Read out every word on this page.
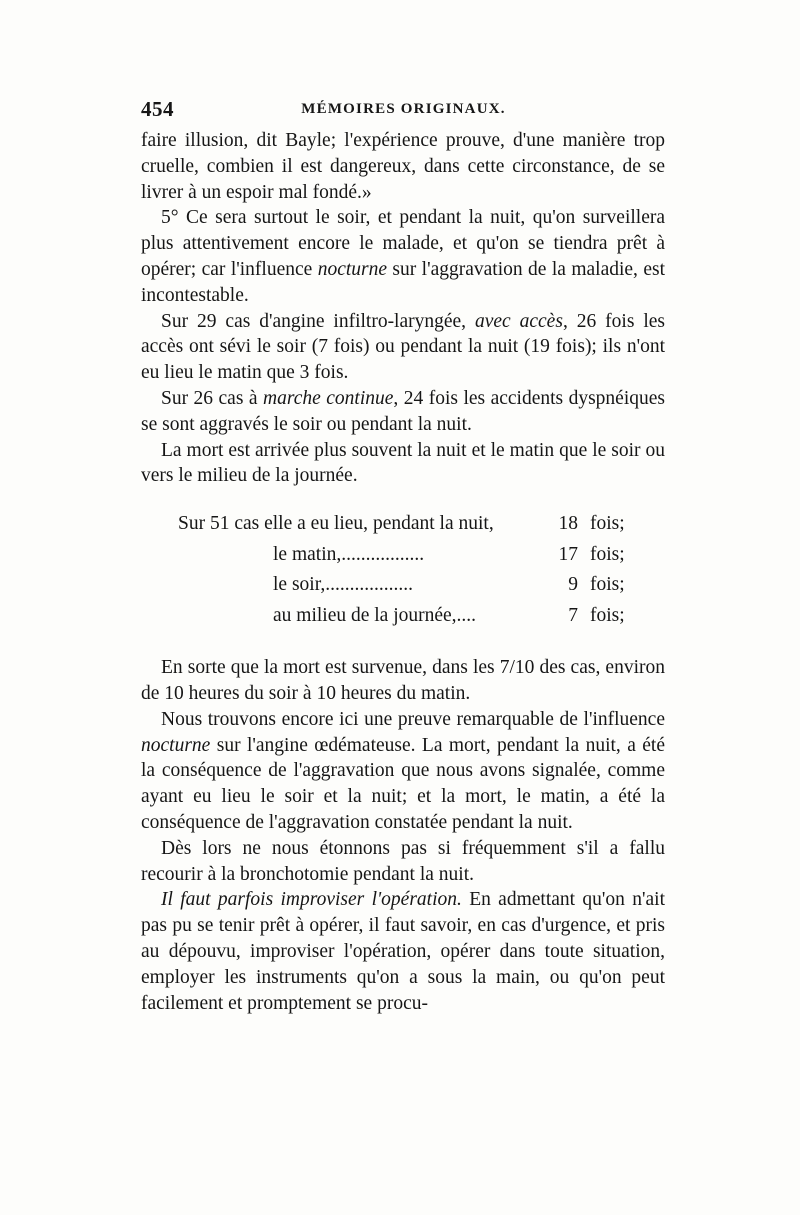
454	MÉMOIRES ORIGINAUX.

faire illusion, dit Bayle; l'expérience prouve, d'une manière trop cruelle, combien il est dangereux, dans cette circonstance, de se livrer à un espoir mal fondé.»

5° Ce sera surtout le soir, et pendant la nuit, qu'on surveillera plus attentivement encore le malade, et qu'on se tiendra prêt à opérer; car l'influence nocturne sur l'aggravation de la maladie, est incontestable.

Sur 29 cas d'angine infiltro-laryngée, avec accès, 26 fois les accès ont sévi le soir (7 fois) ou pendant la nuit (19 fois); ils n'ont eu lieu le matin que 3 fois.

Sur 26 cas à marche continue, 24 fois les accidents dyspnéiques se sont aggravés le soir ou pendant la nuit.

La mort est arrivée plus souvent la nuit et le matin que le soir ou vers le milieu de la journée.

Sur 51 cas elle a eu lieu, pendant la nuit,	18 fois;
le matin,.................	17 fois;
le soir,..................	9 fois;
au milieu de la journée,....	7 fois;

En sorte que la mort est survenue, dans les 7/10 des cas, environ de 10 heures du soir à 10 heures du matin.

Nous trouvons encore ici une preuve remarquable de l'influence nocturne sur l'angine œdémateuse. La mort, pendant la nuit, a été la conséquence de l'aggravation que nous avons signalée, comme ayant eu lieu le soir et la nuit; et la mort, le matin, a été la conséquence de l'aggravation constatée pendant la nuit.

Dès lors ne nous étonnons pas si fréquemment s'il a fallu recourir à la bronchotomie pendant la nuit.

Il faut parfois improviser l'opération. En admettant qu'on n'ait pas pu se tenir prêt à opérer, il faut savoir, en cas d'urgence, et pris au dépouvu, improviser l'opération, opérer dans toute situation, employer les instruments qu'on a sous la main, ou qu'on peut facilement et promptement se procu-
